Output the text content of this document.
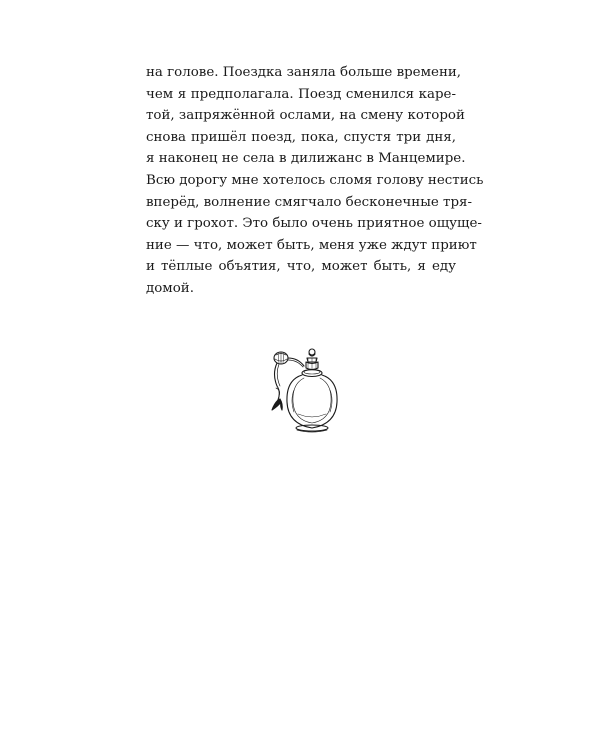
на голове. Поездка заняла больше времени,
чем я предполагала. Поезд сменился каре-
той, запряжённой ослами, на смену которой
снова пришёл поезд, пока, спустя три дня,
я наконец не села в дилижанс в Манцемире.
Всю дорогу мне хотелось сломя голову нестись
вперёд, волнение смягчало бесконечные тря-
ску и грохот. Это было очень приятное ощуще-
ние — что, может быть, меня уже ждут приют
и тёплые объятия, что, может быть, я еду
домой.
